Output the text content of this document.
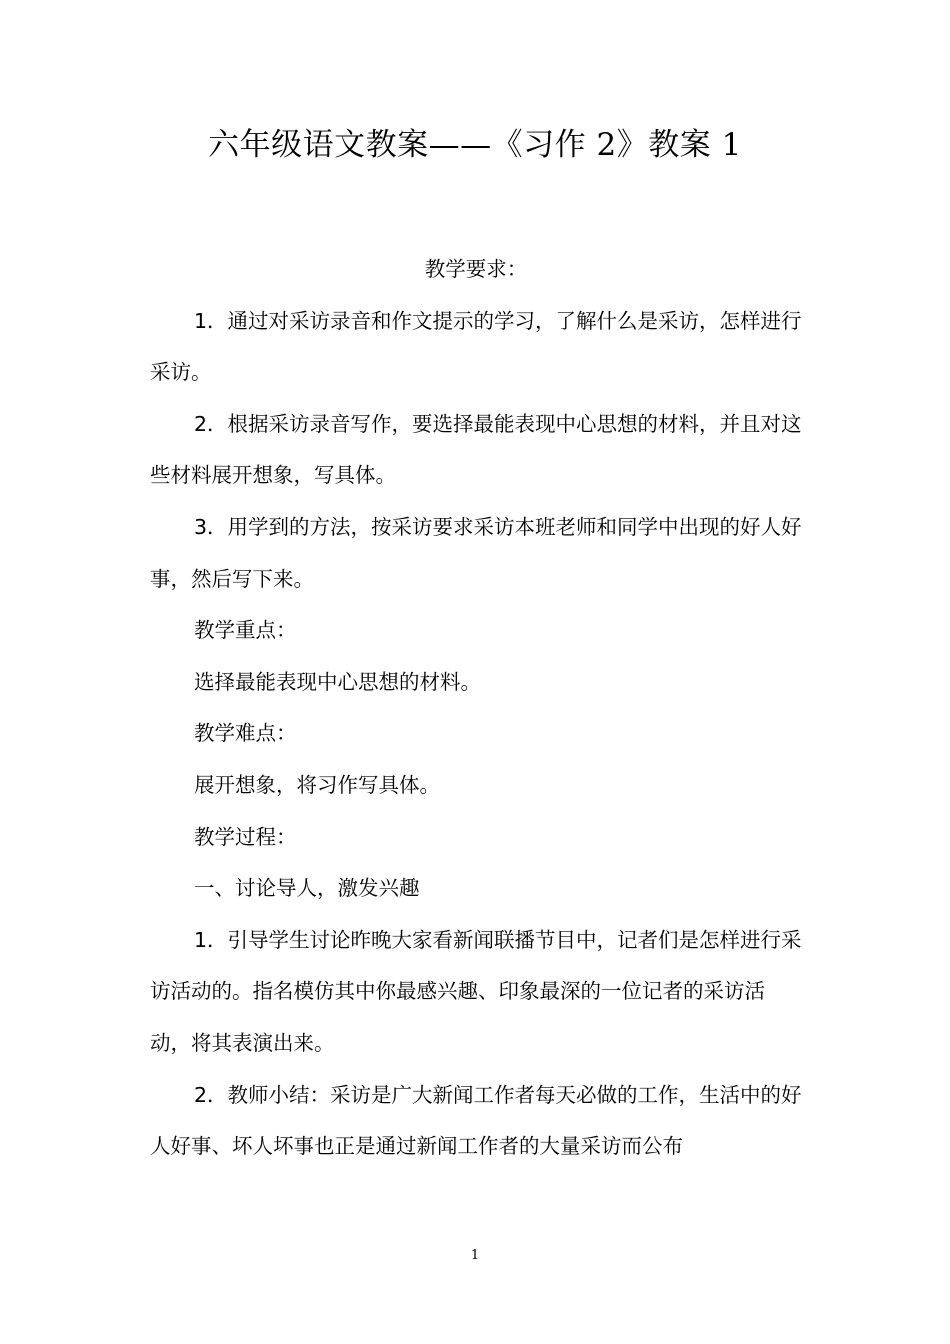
六年级语文教案——《习作 2》教案 1

教学要求：

1．通过对采访录音和作文提示的学习，了解什么是采访，怎样进行采访。

2．根据采访录音写作，要选择最能表现中心思想的材料，并且对这些材料展开想象，写具体。

3．用学到的方法，按采访要求采访本班老师和同学中出现的好人好事，然后写下来。

教学重点：

选择最能表现中心思想的材料。

教学难点：

展开想象，将习作写具体。

教学过程：

一、讨论导人，激发兴趣

1．引导学生讨论昨晚大家看新闻联播节目中，记者们是怎样进行采访活动的。指名模仿其中你最感兴趣、印象最深的一位记者的采访活动，将其表演出来。

2．教师小结：采访是广大新闻工作者每天必做的工作，生活中的好人好事、坏人坏事也正是通过新闻工作者的大量采访而公布

1
